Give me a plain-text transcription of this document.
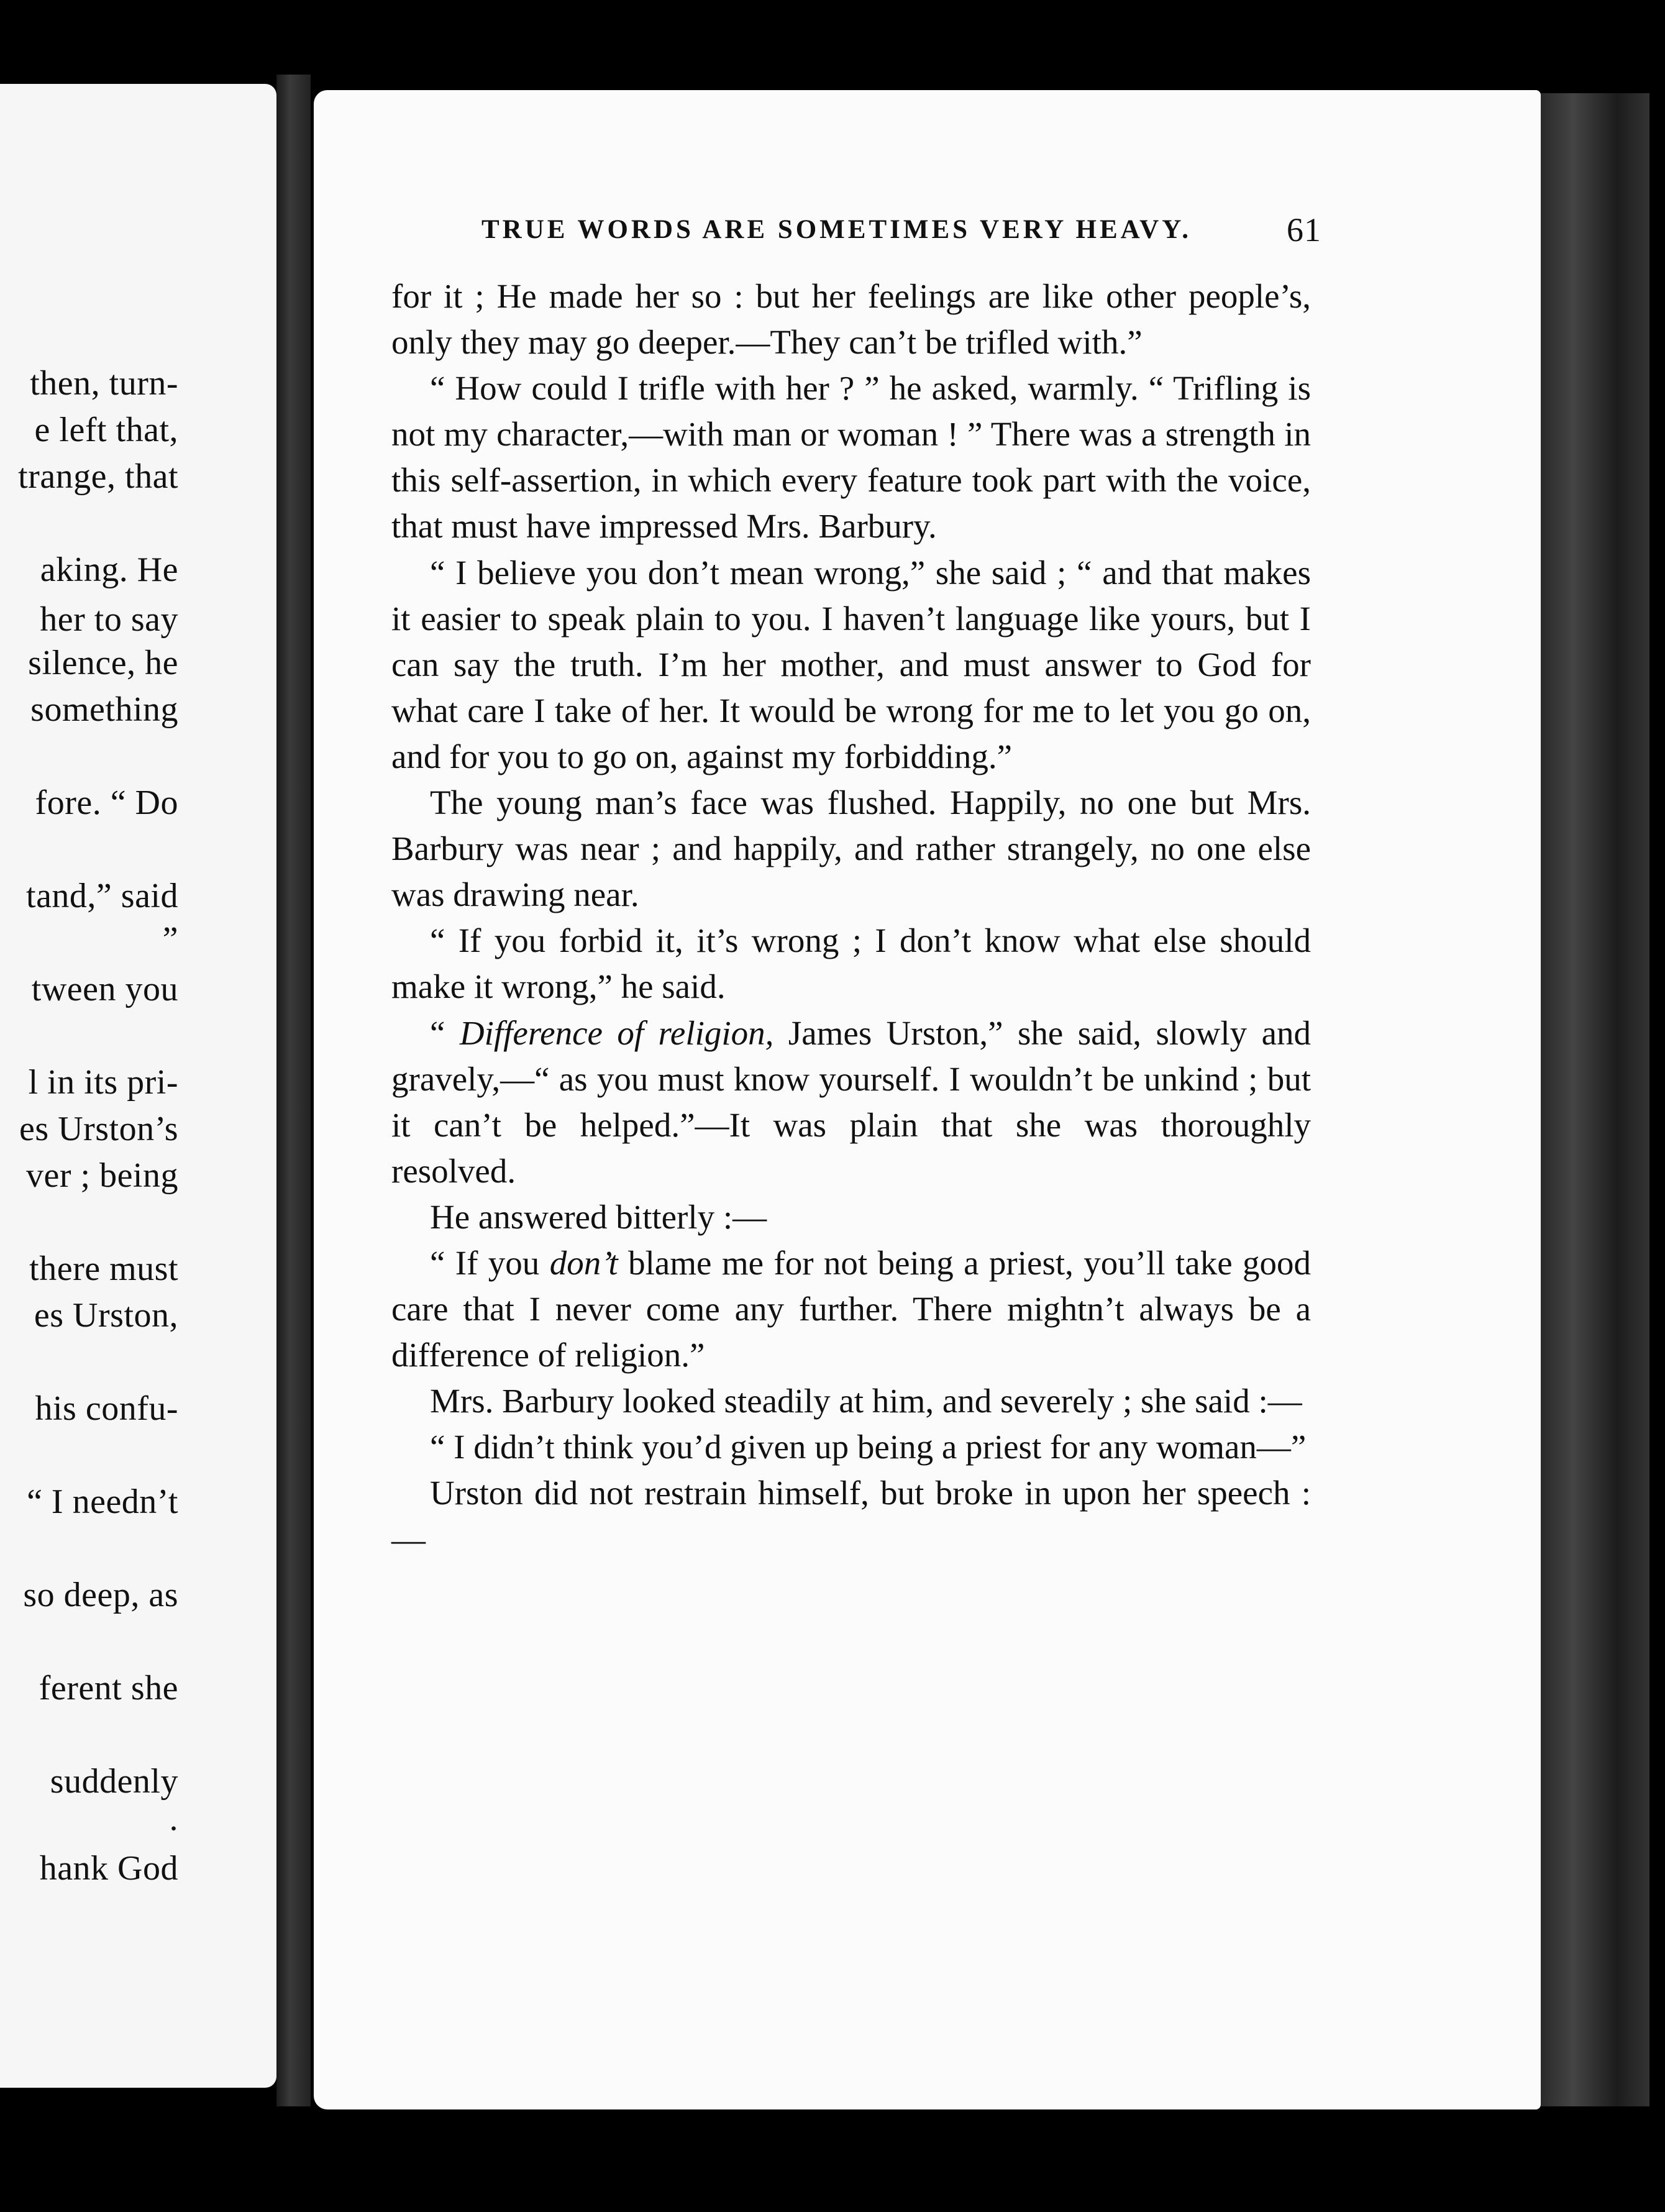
then, turn-
e left that,
trange, that
aking. He
her to say
silence, he
something
fore. “ Do
tand,” said
”
tween you
l in its pri-
es Urston’s
ver ; being
there must
es Urston,
his confu-
“ I needn’t
so deep, as
ferent she
suddenly
.
hank God
TRUE WORDS ARE SOMETIMES VERY HEAVY.	61

for it ; He made her so : but her feelings are like other people’s, only they may go deeper.—They can’t be trifled with.”

“ How could I trifle with her ? ” he asked, warmly. “ Trifling is not my character,—with man or woman ! ” There was a strength in this self-assertion, in which every feature took part with the voice, that must have impressed Mrs. Barbury.

“ I believe you don’t mean wrong,” she said ; “ and that makes it easier to speak plain to you. I haven’t language like yours, but I can say the truth. I’m her mother, and must answer to God for what care I take of her. It would be wrong for me to let you go on, and for you to go on, against my forbidding.”

The young man’s face was flushed. Happily, no one but Mrs. Barbury was near ; and happily, and rather strangely, no one else was drawing near.

“ If you forbid it, it’s wrong ; I don’t know what else should make it wrong,” he said.

“ Difference of religion, James Urston,” she said, slowly and gravely,—“ as you must know yourself. I wouldn’t be unkind ; but it can’t be helped.”—It was plain that she was thoroughly resolved.

He answered bitterly :—

“ If you don’t blame me for not being a priest, you’ll take good care that I never come any further. There mightn’t always be a difference of religion.”

Mrs. Barbury looked steadily at him, and severely ; she said :—

“ I didn’t think you’d given up being a priest for any woman—”

Urston did not restrain himself, but broke in upon her speech :—
